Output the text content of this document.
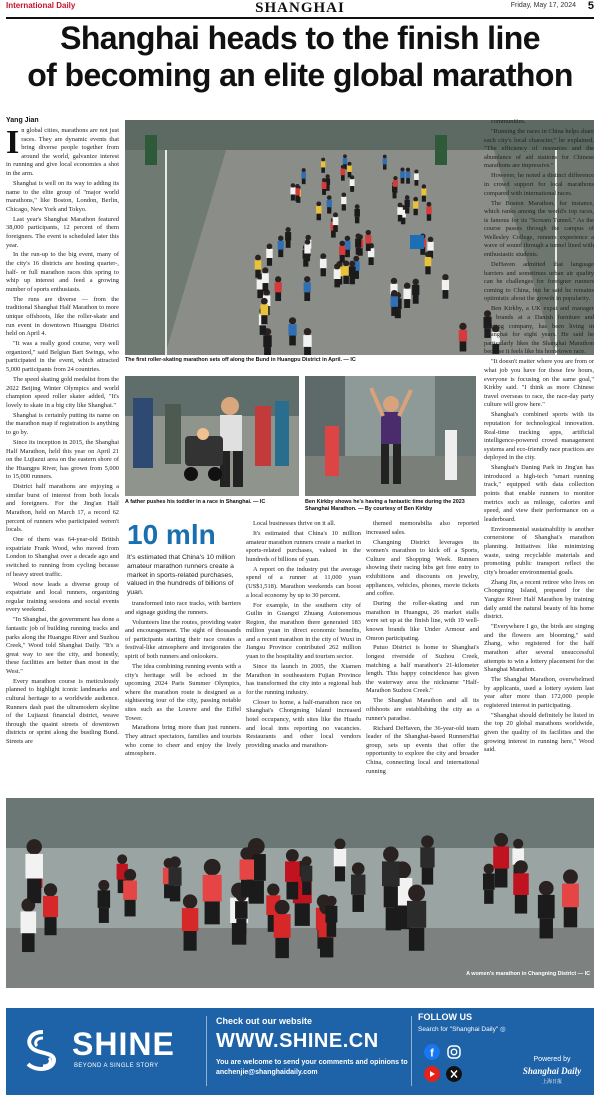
International Daily	SHANGHAI	Friday, May 17, 2024 5
Shanghai heads to the finish line
of becoming an elite global marathon
Yang Jian

In global cities, marathons are not just races. They are dynamic events that bring diverse people together from around the world, galvanize interest in running and give local economies a shot in the arm.

Shanghai is well on its way to adding its name to the elite group of "major world marathons," like Boston, London, Berlin, Chicago, New York and Tokyo.

Last year's Shanghai Marathon featured 38,000 participants, 12 percent of them foreigners. The event is scheduled later this year.

In the run-up to the big event, many of the city's 16 districts are hosting quarter-, half- or full marathon races this spring to whip up interest and feed a growing number of sports enthusiasts.

The runs are diverse — from the traditional Shanghai Half Marathon to more unique offshoots, like the roller-skate and run event in downtown Huangpu District held on April 4.

"It was a really good course, very well organized," said Belgian Bart Swings, who participated in the event, which attracted 5,000 participants from 24 countries.

The speed skating gold medalist from the 2022 Beijing Winter Olympics and world champion speed roller skater added, "It's lovely to skate in a big city like Shanghai."

Shanghai is certainly putting its name on the marathon map if registration is anything to go by.

Since its inception in 2015, the Shanghai Half Marathon, held this year on April 21 on the Lujiazui area on the eastern shore of the Huangpu River, has grown from 5,000 to 15,000 runners.

District half marathons are enjoying a similar burst of interest from both locals and foreigners. For the Jing'an Half Marathon, held on March 17, a record 62 percent of runners who participated weren't locals.

One of them was 64-year-old British expatriate Frank Wood, who moved from London to Shanghai over a decade ago and switched to running from cycling because of heavy street traffic.

Wood now leads a diverse group of expatriate and local runners, organizing regular training sessions and social events every weekend.

"In Shanghai, the government has done a fantastic job of building running tracks and parks along the Huangpu River and Suzhou Creek," Wood told Shanghai Daily. "It's a great way to see the city, and honestly, these facilities are better than most in the West."

Every marathon course is meticulously planned to highlight iconic landmarks and cultural heritage to a worldwide audience. Runners dash past the ultramodern skyline of the Lujiazui financial district, weave through the quaint streets of downtown districts or sprint along the bustling Bund. Streets are

The first roller-skating marathon sets off along the Bund in Huangpu District in April. — IC
A father pushes his toddler in a race in Shanghai. — IC	Ben Kirkby shows he's having a fantastic time during the 2023 Shanghai Marathon. — By courtesy of Ben Kirkby
10 mln
It's estimated that China's 10 million amateur marathon runners create a market in sports-related purchases, valued in the hundreds of billions of yuan.

transformed into race tracks, with barriers and signage guiding the runners.

Volunteers line the routes, providing water and encouragement. The sight of thousands of participants starting their race creates a festival-like atmosphere and invigorates the spirit of both runners and onlookers.

The idea combining running events with a city's heritage will be echoed in the upcoming 2024 Paris Summer Olympics, where the marathon route is designed as a sightseeing tour of the city, passing notable sites such as the Louvre and the Eiffel Tower.

Marathons bring more than just runners. They attract spectators, families and tourists who come to cheer and enjoy the lively atmosphere.

Local businesses thrive on it all.

It's estimated that China's 10 million amateur marathon runners create a market in sports-related purchases, valued in the hundreds of billions of yuan.

A report on the industry put the average spend of a runner at 11,000 yuan (US$1,518). Marathon weekends can boost a local economy by up to 30 percent.

For example, in the southern city of Guilin in Guangxi Zhuang Autonomous Region, the marathon there generated 183 million yuan in direct economic benefits, and a recent marathon in the city of Wuxi in Jiangsu Province contributed 262 million yuan to the hospitality and tourism sector.

Since its launch in 2005, the Xiamen Marathon in southeastern Fujian Province has transformed the city into a regional hub for the running industry.

Closer to home, a half-marathon race on Shanghai's Chongming Island increased hotel occupancy, with sites like the Huadu and local inns reporting no vacancies. Restaurants and other local vendors providing snacks and marathon-

themed memorabilia also reported increased sales.

Changning District leverages its women's marathon to kick off a Sports, Culture and Shopping Week. Runners showing their racing bibs get free entry to exhibitions and discounts on jewelry, appliances, vehicles, phones, movie tickets and coffee.

During the roller-skating and run marathon in Huangpu, 26 market stalls were set up at the finish line, with 19 well-known brands like Under Armour and Omron participating.

Putuo District is home to Shanghai's longest riverside of Suzhou Creek, matching a half marathon's 21-kilometer length. This happy coincidence has given the waterway area the nickname "Half-Marathon Suzhou Creek."

The Shanghai Marathon and all its offshoots are establishing the city as a runner's paradise.

Richard DeHaven, the 36-year-old team leader of the Shanghai-based RunnersHai group, sets up events that offer the opportunity to explore the city and broader China, connecting local and international running

communities.

"Running the races in China helps share each city's local character," he explained. "The efficiency of resources and the abundance of aid stations for Chinese marathons are impressive."

However, he noted a distinct difference in crowd support for local marathons compared with international races.

The Boston Marathon, for instance, which ranks among the world's top races, is famous for its "Scream Tunnel." As the course passes through the campus of Wellesley College, runners experience a wave of sound through a tunnel lined with enthusiastic students.

DeHaven admitted that language barriers and sometimes urban air quality can be challenges for foreigner runners coming to China, but he said he remains optimistic about the growth in popularity.

Ben Kirkby, a UK expat and manager for brands at a Danish furniture and lighting company, has been living in Shanghai for eight years. He said he particularly likes the Shanghai Marathon because it feels like his hometown race.

"It doesn't matter where you are from or what job you have for those few hours, everyone is focusing on the same goal," Kirkby said. "I think as more Chinese travel overseas to race, the race-day party culture will grow here."

Shanghai's combined sports with its reputation for technological innovation. Real-time tracking apps, artificial intelligence-powered crowd management systems and eco-friendly race practices are deployed in the city.

Shanghai's Daning Park in Jing'an has introduced a high-tech "smart running track," equipped with data collection points that enable runners to monitor metrics such as mileage, calories and speed, and view their performance on a leaderboard.

Environmental sustainability is another cornerstone of Shanghai's marathon planning. Initiatives like minimizing waste, using recyclable materials and promoting public transport reflect the city's broader environmental goals.

Zhang Jin, a recent retiree who lives on Chongming Island, prepared for the Yangtze River Half Marathon by training daily amid the natural beauty of his home district.

"Everywhere I go, the birds are singing and the flowers are blooming," said Zhang, who registered for the half marathon after several unsuccessful attempts to win a lottery placement for the Shanghai Marathon.

The Shanghai Marathon, overwhelmed by applicants, used a lottery system last year after more than 172,000 people registered interest in participating.

"Shanghai should definitely be listed in the top 20 global marathons worldwide, given the quality of its facilities and the growing interest in running here," Wood said.

A women's marathon in Changning District — IC
SHINE
BEYOND A SINGLE STORY
Check out our website
WWW.SHINE.CN
You are welcome to send your comments and opinions to anchenjie@shanghaidaily.com
FOLLOW US
Search for "Shanghai Daily" ◎
f	Powered by
Shanghai Daily
上海日报
